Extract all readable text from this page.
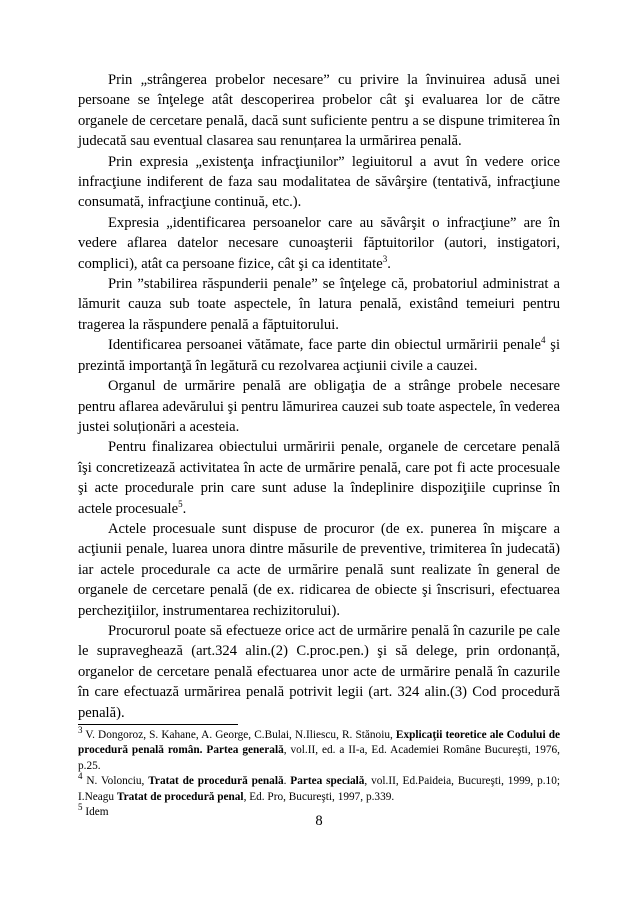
Prin „strângerea probelor necesare” cu privire la învinuirea adusă unei persoane se înţelege atât descoperirea probelor cât şi evaluarea lor de către organele de cercetare penală, dacă sunt suficiente pentru a se dispune trimiterea în judecată sau eventual clasarea sau renunțarea la urmărirea penală.

Prin expresia „existenţa infracţiunilor” legiuitorul a avut în vedere orice infracţiune indiferent de faza sau modalitatea de săvârşire (tentativă, infracţiune consumată, infracţiune continuă, etc.).

Expresia „identificarea persoanelor care au săvârşit o infracţiune” are în vedere aflarea datelor necesare cunoaşterii făptuitorilor (autori, instigatori, complici), atât ca persoane fizice, cât şi ca identitate$^3$.

Prin ”stabilirea răspunderii penale” se înţelege că, probatoriul administrat a lămurit cauza sub toate aspectele, în latura penală, existând temeiuri pentru tragerea la răspundere penală a făptuitorului.

Identificarea persoanei vătămate, face parte din obiectul urmăririi penale$^4$ şi prezintă importanţă în legătură cu rezolvarea acţiunii civile a cauzei.

Organul de urmărire penală are obligaţia de a strânge probele necesare pentru aflarea adevărului şi pentru lămurirea cauzei sub toate aspectele, în vederea justei soluționări a acesteia.

Pentru finalizarea obiectului urmăririi penale, organele de cercetare penală îşi concretizează activitatea în acte de urmărire penală, care pot fi acte procesuale şi acte procedurale prin care sunt aduse la îndeplinire dispoziţiile cuprinse în actele procesuale$^5$.

Actele procesuale sunt dispuse de procuror (de ex. punerea în mişcare a acţiunii penale, luarea unora dintre măsurile de preventive, trimiterea în judecată) iar actele procedurale ca acte de urmărire penală sunt realizate în general de organele de cercetare penală (de ex. ridicarea de obiecte şi înscrisuri, efectuarea percheziţiilor, instrumentarea rechizitorului).

Procurorul poate să efectueze orice act de urmărire penală în cazurile pe cale le supraveghează (art.324 alin.(2) C.proc.pen.) şi să delege, prin ordonanță, organelor de cercetare penală efectuarea unor acte de urmărire penală în cazurile în care efectuază urmărirea penală potrivit legii (art. 324 alin.(3) Cod procedură penală).

$^3$ V. Dongoroz, S. Kahane, A. George, C.Bulai, N.Iliescu, R. Stănoiu, Explicaţii teoretice ale Codului de procedură penală român. Partea generală, vol.II, ed. a II-a, Ed. Academiei Române Bucureşti, 1976, p.25.

$^4$ N. Volonciu, Tratat de procedură penală. Partea specială, vol.II, Ed.Paideia, Bucureşti, 1999, p.10; I.Neagu Tratat de procedură penal, Ed. Pro, Bucureşti, 1997, p.339.

$^5$ Idem

8
